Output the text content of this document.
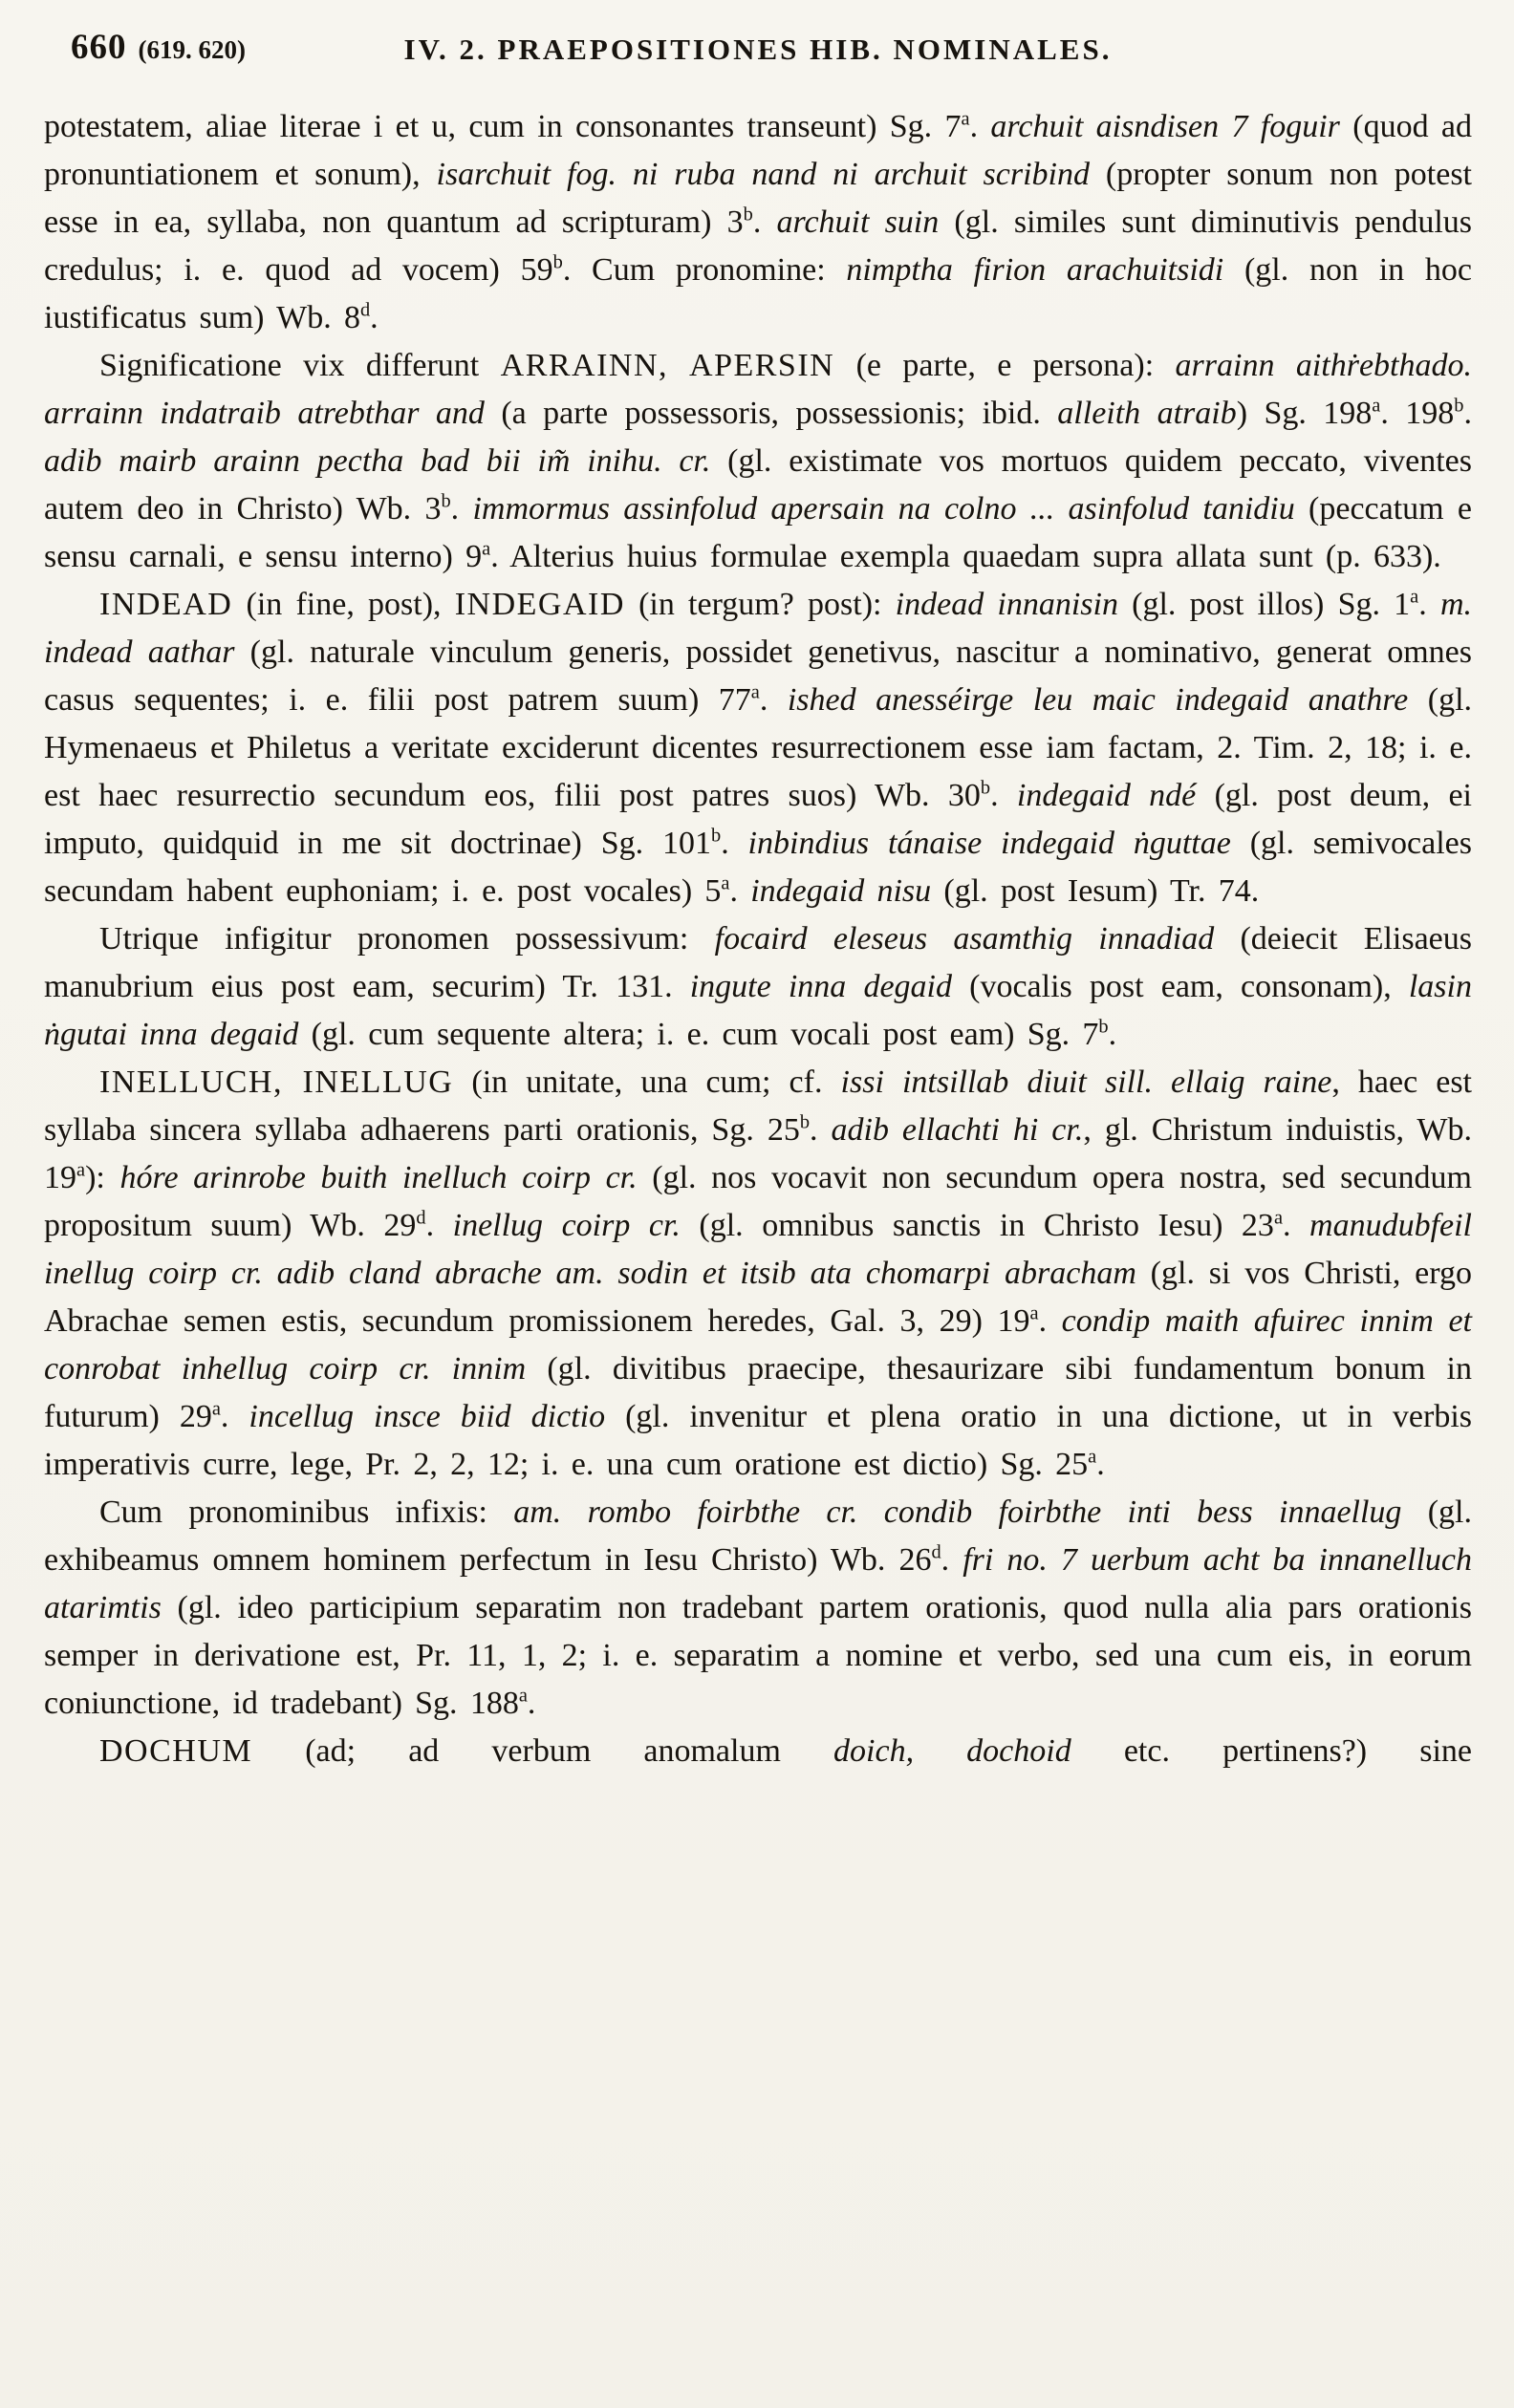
660 (619. 620)	IV. 2. PRAEPOSITIONES HIB. NOMINALES.

potestatem, aliae literae i et u, cum in consonantes transeunt) Sg. 7$^a$. archuit aisndisen 7 foguir (quod ad pronuntiationem et sonum), isarchuit fog. ni ruba nand ni archuit scribind (propter sonum non potest esse in ea, syllaba, non quantum ad scripturam) 3$^b$. archuit suin (gl. similes sunt diminutivis pendulus credulus; i. e. quod ad vocem) 59$^b$. Cum pronomine: nimptha firion arachuitsidi (gl. non in hoc iustificatus sum) Wb. 8$^d$.

Significatione vix differunt ARRAINN, APERSIN (e parte, e persona): arrainn aithṙebthado. arrainn indatraib atrebthar and (a parte possessoris, possessionis; ibid. alleith atraib) Sg. 198$^a$. 198$^b$. adib mairb arainn pectha bad bii im̃ inihu. cr. (gl. existimate vos mortuos quidem peccato, viventes autem deo in Christo) Wb. 3$^b$. immormus assinfolud apersain na colno ... asinfolud tanidiu (peccatum e sensu carnali, e sensu interno) 9$^a$. Alterius huius formulae exempla quaedam supra allata sunt (p. 633).

INDEAD (in fine, post), INDEGAID (in tergum? post): indead innanisin (gl. post illos) Sg. 1$^a$. m. indead aathar (gl. naturale vinculum generis, possidet genetivus, nascitur a nominativo, generat omnes casus sequentes; i. e. filii post patrem suum) 77$^a$. ished anesséirge leu maic indegaid anathre (gl. Hymenaeus et Philetus a veritate exciderunt dicentes resurrectionem esse iam factam, 2. Tim. 2, 18; i. e. est haec resurrectio secundum eos, filii post patres suos) Wb. 30$^b$. indegaid ndé (gl. post deum, ei imputo, quidquid in me sit doctrinae) Sg. 101$^b$. inbindius tánaise indegaid ṅguttae (gl. semivocales secundam habent euphoniam; i. e. post vocales) 5$^a$. indegaid nisu (gl. post Iesum) Tr. 74.

Utrique infigitur pronomen possessivum: focaird eleseus asamthig innadiad (deiecit Elisaeus manubrium eius post eam, securim) Tr. 131. ingute inna degaid (vocalis post eam, consonam), lasin ṅgutai inna degaid (gl. cum sequente altera; i. e. cum vocali post eam) Sg. 7$^b$.

INELLUCH, INELLUG (in unitate, una cum; cf. issi intsillab diuit sill. ellaig raine, haec est syllaba sincera syllaba adhaerens parti orationis, Sg. 25$^b$. adib ellachti hi cr., gl. Christum induistis, Wb. 19$^a$): hóre arinrobe buith inelluch coirp cr. (gl. nos vocavit non secundum opera nostra, sed secundum propositum suum) Wb. 29$^d$. inellug coirp cr. (gl. omnibus sanctis in Christo Iesu) 23$^a$. manudubfeil inellug coirp cr. adib cland abrache am. sodin et itsib ata chomarpi abracham (gl. si vos Christi, ergo Abrachae semen estis, secundum promissionem heredes, Gal. 3, 29) 19$^a$. condip maith afuirec innim et conrobat inhellug coirp cr. innim (gl. divitibus praecipe, thesaurizare sibi fundamentum bonum in futurum) 29$^a$. incellug insce biid dictio (gl. invenitur et plena oratio in una dictione, ut in verbis imperativis curre, lege, Pr. 2, 2, 12; i. e. una cum oratione est dictio) Sg. 25$^a$.

Cum pronominibus infixis: am. rombo foirbthe cr. condib foirbthe inti bess innaellug (gl. exhibeamus omnem hominem perfectum in Iesu Christo) Wb. 26$^d$. fri no. 7 uerbum acht ba innanelluch atarimtis (gl. ideo participium separatim non tradebant partem orationis, quod nulla alia pars orationis semper in derivatione est, Pr. 11, 1, 2; i. e. separatim a nomine et verbo, sed una cum eis, in eorum coniunctione, id tradebant) Sg. 188$^a$.

DOCHUM (ad; ad verbum anomalum doich, dochoid etc. pertinens?) sine
